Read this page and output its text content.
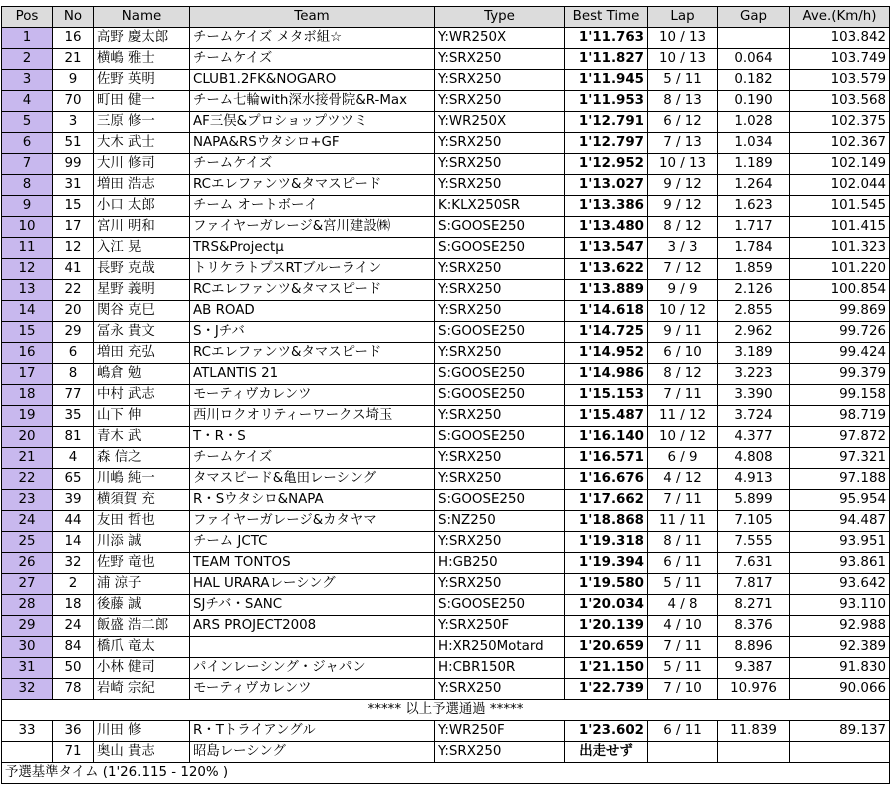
Pos	No	Name	Team	Type	Best Time	Lap	Gap	Ave.(Km/h)
1	16	高野 慶太郎	チームケイズ メタボ組☆	Y:WR250X	1'11.763	10 / 13		103.842
2	21	横嶋 雅士	チームケイズ	Y:SRX250	1'11.827	10 / 13	0.064	103.749
3	9	佐野 英明	CLUB1.2FK&NOGARO	Y:SRX250	1'11.945	5 / 11	0.182	103.579
4	70	町田 健一	チーム七輪with深水接骨院&R-Max	Y:SRX250	1'11.953	8 / 13	0.190	103.568
5	3	三原 修一	AF三俣&プロショップツツミ	Y:WR250X	1'12.791	6 / 12	1.028	102.375
6	51	大木 武士	NAPA&RSウタシロ+GF	Y:SRX250	1'12.797	7 / 13	1.034	102.367
7	99	大川 修司	チームケイズ	Y:SRX250	1'12.952	10 / 13	1.189	102.149
8	31	増田 浩志	RCエレファンツ&タマスピード	Y:SRX250	1'13.027	9 / 12	1.264	102.044
9	15	小口 太郎	チーム オートボーイ	K:KLX250SR	1'13.386	9 / 12	1.623	101.545
10	17	宮川 明和	ファイヤーガレージ&宮川建設㈱	S:GOOSE250	1'13.480	8 / 12	1.717	101.415
11	12	入江 晃	TRS&Projectμ	S:GOOSE250	1'13.547	3 / 3	1.784	101.323
12	41	長野 克哉	トリケラトプスRTブルーライン	Y:SRX250	1'13.622	7 / 12	1.859	101.220
13	22	星野 義明	RCエレファンツ&タマスピード	Y:SRX250	1'13.889	9 / 9	2.126	100.854
14	20	関谷 克巳	AB ROAD	Y:SRX250	1'14.618	10 / 12	2.855	99.869
15	29	冨永 貴文	S・Jチバ	S:GOOSE250	1'14.725	9 / 11	2.962	99.726
16	6	増田 充弘	RCエレファンツ&タマスピード	Y:SRX250	1'14.952	6 / 10	3.189	99.424
17	8	嶋倉 勉	ATLANTIS 21	S:GOOSE250	1'14.986	8 / 12	3.223	99.379
18	77	中村 武志	モーティヴカレンツ	S:GOOSE250	1'15.153	7 / 11	3.390	99.158
19	35	山下 伸	西川ロクオリティーワークス埼玉	Y:SRX250	1'15.487	11 / 12	3.724	98.719
20	81	青木 武	T・R・S	S:GOOSE250	1'16.140	10 / 12	4.377	97.872
21	4	森 信之	チームケイズ	Y:SRX250	1'16.571	6 / 9	4.808	97.321
22	65	川嶋 純一	タマスピード&亀田レーシング	Y:SRX250	1'16.676	4 / 12	4.913	97.188
23	39	横須賀 充	R・Sウタシロ&NAPA	S:GOOSE250	1'17.662	7 / 11	5.899	95.954
24	44	友田 哲也	ファイヤーガレージ&カタヤマ	S:NZ250	1'18.868	11 / 11	7.105	94.487
25	14	川添 誠	チーム JCTC	Y:SRX250	1'19.318	8 / 11	7.555	93.951
26	32	佐野 竜也	TEAM TONTOS	H:GB250	1'19.394	6 / 11	7.631	93.861
27	2	浦 涼子	HAL URARAレーシング	Y:SRX250	1'19.580	5 / 11	7.817	93.642
28	18	後藤 誠	SJチバ・SANC	S:GOOSE250	1'20.034	4 / 8	8.271	93.110
29	24	飯盛 浩二郎	ARS PROJECT2008	Y:SRX250F	1'20.139	4 / 10	8.376	92.988
30	84	橋爪 竜太		H:XR250Motard	1'20.659	7 / 11	8.896	92.389
31	50	小林 健司	パインレーシング・ジャパン	H:CBR150R	1'21.150	5 / 11	9.387	91.830
32	78	岩崎 宗紀	モーティヴカレンツ	Y:SRX250	1'22.739	7 / 10	10.976	90.066
***** 以上予選通過 *****								
33	36	川田 修	R・Tトライアングル	Y:WR250F	1'23.602	6 / 11	11.839	89.137
	71	奥山 貴志	昭島レーシング	Y:SRX250	出走せず			
予選基準タイム (1'26.115 - 120% )								
